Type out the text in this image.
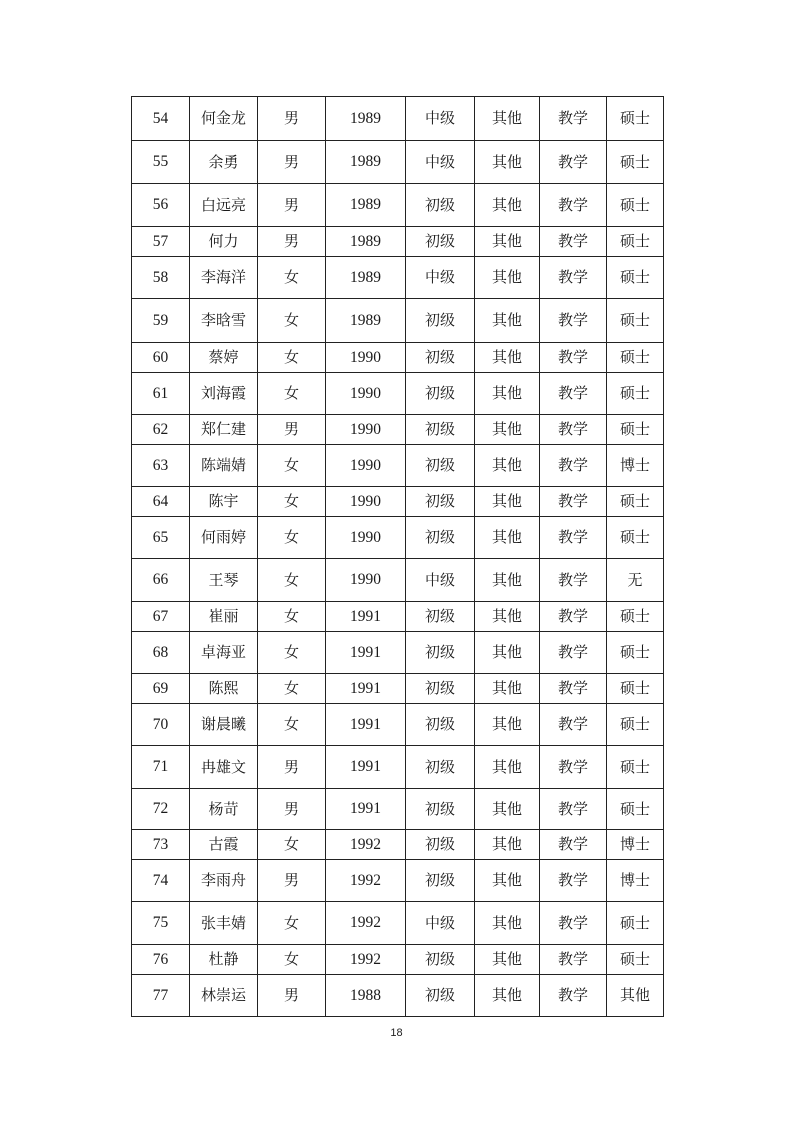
54	何金龙	男	1989	中级	其他	教学	硕士
55	余勇	男	1989	中级	其他	教学	硕士
56	白远亮	男	1989	初级	其他	教学	硕士
57	何力	男	1989	初级	其他	教学	硕士
58	李海洋	女	1989	中级	其他	教学	硕士
59	李晗雪	女	1989	初级	其他	教学	硕士
60	蔡婷	女	1990	初级	其他	教学	硕士
61	刘海霞	女	1990	初级	其他	教学	硕士
62	郑仁建	男	1990	初级	其他	教学	硕士
63	陈端婧	女	1990	初级	其他	教学	博士
64	陈宇	女	1990	初级	其他	教学	硕士
65	何雨婷	女	1990	初级	其他	教学	硕士
66	王琴	女	1990	中级	其他	教学	无
67	崔丽	女	1991	初级	其他	教学	硕士
68	卓海亚	女	1991	初级	其他	教学	硕士
69	陈熙	女	1991	初级	其他	教学	硕士
70	谢晨曦	女	1991	初级	其他	教学	硕士
71	冉雄文	男	1991	初级	其他	教学	硕士
72	杨苛	男	1991	初级	其他	教学	硕士
73	古霞	女	1992	初级	其他	教学	博士
74	李雨舟	男	1992	初级	其他	教学	博士
75	张丰婧	女	1992	中级	其他	教学	硕士
76	杜静	女	1992	初级	其他	教学	硕士
77	林崇运	男	1988	初级	其他	教学	其他
18
